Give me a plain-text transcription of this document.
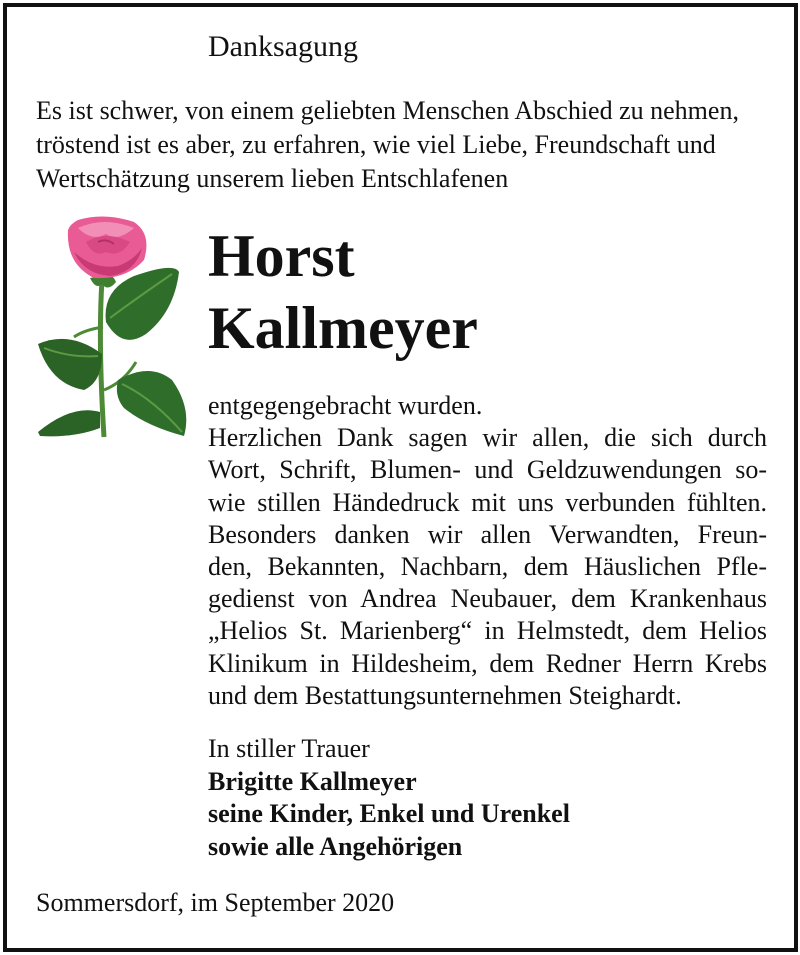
Danksagung
Es ist schwer, von einem geliebten Menschen Abschied zu nehmen,
tröstend ist es aber, zu erfahren, wie viel Liebe, Freundschaft und
Wertschätzung unserem lieben Entschlafenen
Horst
Kallmeyer
entgegengebracht wurden.
Herzlichen Dank sagen wir allen, die sich durch
Wort, Schrift, Blumen- und Geldzuwendungen so-
wie stillen Händedruck mit uns verbunden fühlten.
Besonders danken wir allen Verwandten, Freun-
den, Bekannten, Nachbarn, dem Häuslichen Pfle-
gedienst von Andrea Neubauer, dem Krankenhaus
„Helios St. Marienberg“ in Helmstedt, dem Helios
Klinikum in Hildesheim, dem Redner Herrn Krebs
und dem Bestattungsunternehmen Steighardt.
In stiller Trauer
Brigitte Kallmeyer
seine Kinder, Enkel und Urenkel
sowie alle Angehörigen
Sommersdorf, im September 2020
